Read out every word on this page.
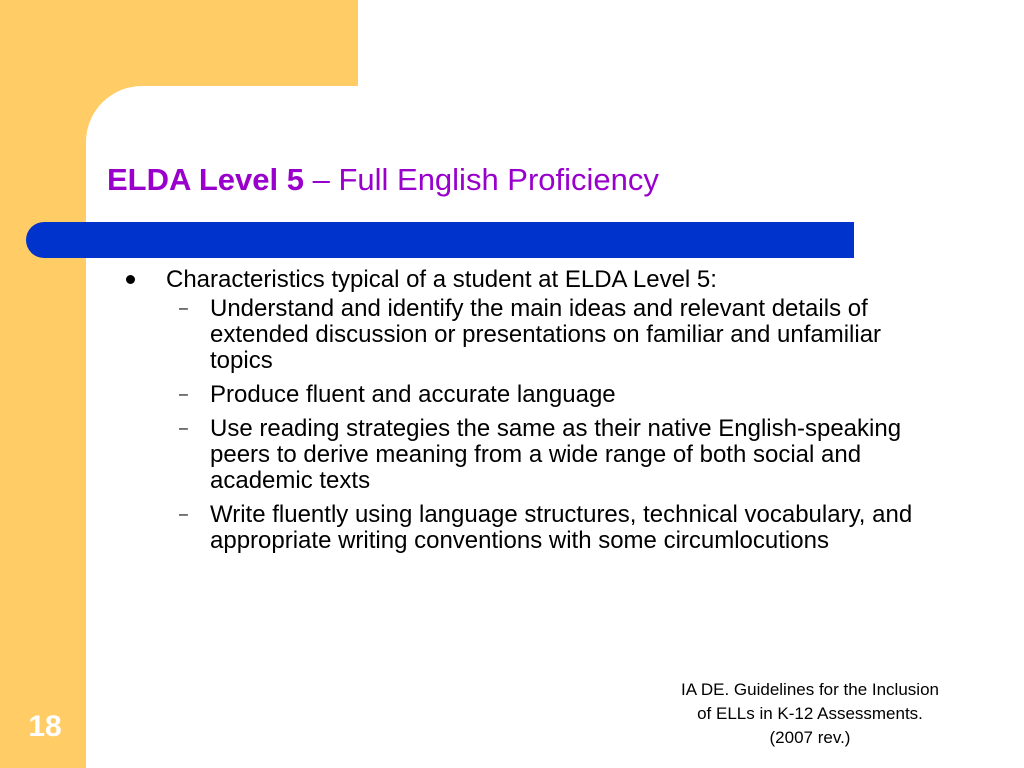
ELDA Level 5 – Full English Proficiency
Characteristics typical of a student at ELDA Level 5:
– Understand and identify the main ideas and relevant details of extended discussion or presentations on familiar and unfamiliar topics
– Produce fluent and accurate language
– Use reading strategies the same as their native English-speaking peers to derive meaning from a wide range of both social and academic texts
– Write fluently using language structures, technical vocabulary, and appropriate writing conventions with some circumlocutions
IA DE. Guidelines for the Inclusion
of ELLs in K-12 Assessments.
(2007 rev.)
18
